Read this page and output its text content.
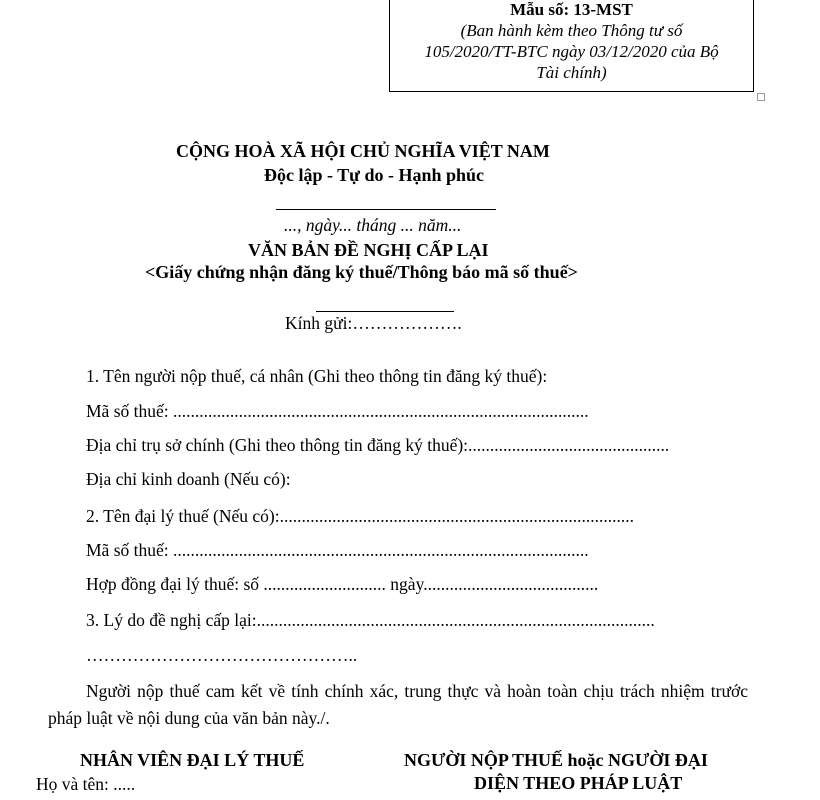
Mẫu số: 13-MST
(Ban hành kèm theo Thông tư số
105/2020/TT-BTC ngày 03/12/2020 của Bộ
Tài chính)
CỘNG HOÀ XÃ HỘI CHỦ NGHĨA VIỆT NAM
Độc lập - Tự do - Hạnh phúc
..., ngày... tháng ... năm...
VĂN BẢN ĐỀ NGHỊ CẤP LẠI
<Giấy chứng nhận đăng ký thuế/Thông báo mã số thuế>
Kính gửi:……………….
1. Tên người nộp thuế, cá nhân (Ghi theo thông tin đăng ký thuế):
Mã số thuế: ...............................................................................................
Địa chỉ trụ sở chính (Ghi theo thông tin đăng ký thuế):..............................................
Địa chỉ kinh doanh (Nếu có):
2. Tên đại lý thuế (Nếu có):.................................................................................
Mã số thuế: ...............................................................................................
Hợp đồng đại lý thuế: số ............................ ngày........................................
3. Lý do đề nghị cấp lại:...........................................................................................
………………………………………..
Người nộp thuế cam kết về tính chính xác, trung thực và hoàn toàn chịu trách nhiệm trước pháp luật về nội dung của văn bản này./.
NHÂN VIÊN ĐẠI LÝ THUẾ
Họ và tên: .....
NGƯỜI NỘP THUẾ hoặc NGƯỜI ĐẠI
DIỆN THEO PHÁP LUẬT
